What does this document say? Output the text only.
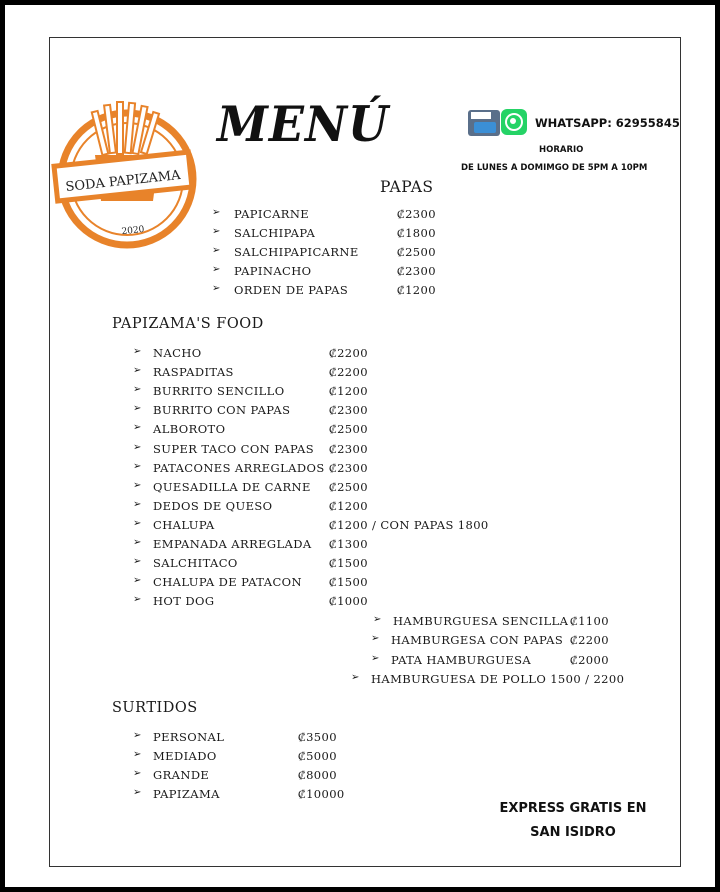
SODA PAPIZAMA
2020
MENÚ	WHATSAPP: 62955845
HORARIO
DE LUNES A DOMIMGO DE 5PM A 10PM
PAPAS
PAPIZAMA'S FOOD
SURTIDOS
➢ PAPICARNE	₡2300
➢ SALCHIPAPA	₡1800
➢ SALCHIPAPICARNE	₡2500
➢ PAPINACHO	₡2300
➢ ORDEN DE PAPAS	₡1200
➢ NACHO	₡2200
➢ RASPADITAS	₡2200
➢ BURRITO SENCILLO	₡1200
➢ BURRITO CON PAPAS	₡2300
➢ ALBOROTO	₡2500
➢ SUPER TACO CON PAPAS ₡2300
➢ PATACONES ARREGLADOS ₡2300
➢ QUESADILLA DE CARNE ₡2500
➢ DEDOS DE QUESO	₡1200
➢ CHALUPA	₡1200 / CON PAPAS 1800
➢ EMPANADA ARREGLADA ₡1300
➢ SALCHITACO	₡1500
➢ CHALUPA DE PATACON ₡1500
➢ HOT DOG	₡1000
➢ PERSONAL	₡3500
➢ MEDIADO	₡5000
➢ GRANDE	₡8000
➢ PAPIZAMA	₡10000
➢ HAMBURGUESA SENCILLA ₡1100
➢ HAMBURGESA CON PAPAS ₡2200
➢ PATA HAMBURGUESA	₡2000
➢ HAMBURGUESA DE POLLO 1500 / 2200
EXPRESS GRATIS EN
SAN ISIDRO
